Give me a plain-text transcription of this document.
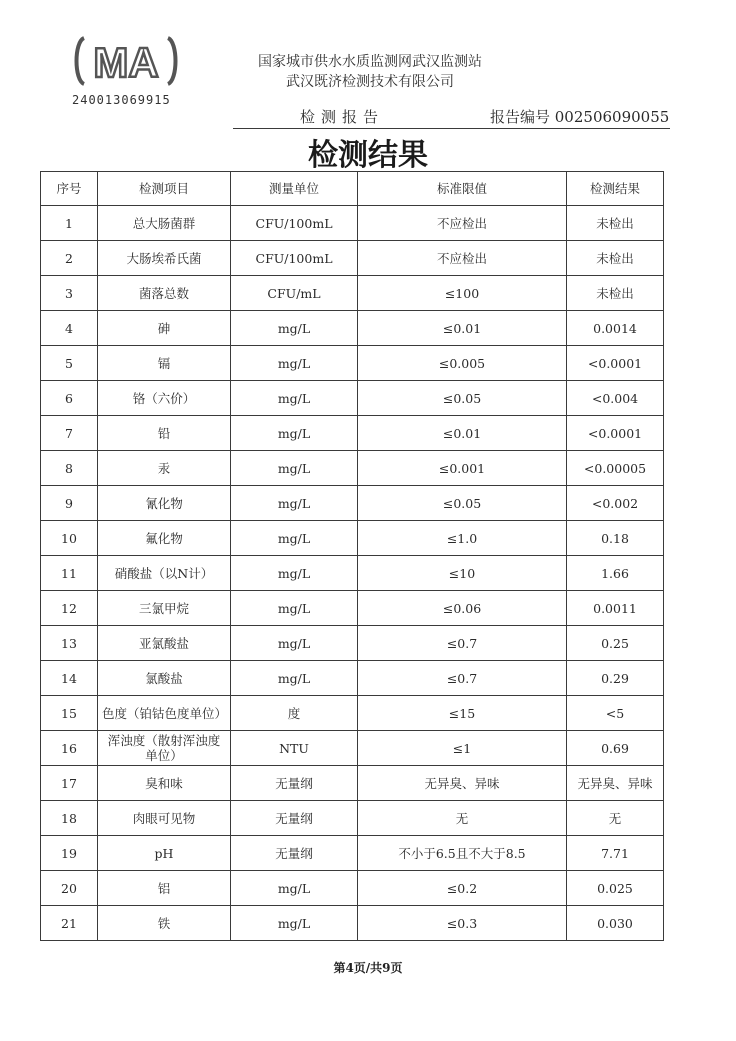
MA
240013069915
国家城市供水水质监测网武汉监测站
武汉既济检测技术有限公司
检测报告	报告编号 002506090055
检测结果
序号	检测项目	测量单位	标准限值	检测结果
1	总大肠菌群	CFU/100mL	不应检出	未检出
2	大肠埃希氏菌	CFU/100mL	不应检出	未检出
3	菌落总数	CFU/mL	≤100	未检出
4	砷	mg/L	≤0.01	0.0014
5	镉	mg/L	≤0.005	<0.0001
6	铬（六价）	mg/L	≤0.05	<0.004
7	铅	mg/L	≤0.01	<0.0001
8	汞	mg/L	≤0.001	<0.00005
9	氰化物	mg/L	≤0.05	<0.002
10	氟化物	mg/L	≤1.0	0.18
11	硝酸盐（以N计）	mg/L	≤10	1.66
12	三氯甲烷	mg/L	≤0.06	0.0011
13	亚氯酸盐	mg/L	≤0.7	0.25
14	氯酸盐	mg/L	≤0.7	0.29
15	色度（铂钴色度单位）	度	≤15	<5
16	浑浊度（散射浑浊度单位）	NTU	≤1	0.69
17	臭和味	无量纲	无异臭、异味	无异臭、异味
18	肉眼可见物	无量纲	无	无
19	pH	无量纲	不小于6.5且不大于8.5	7.71
20	铝	mg/L	≤0.2	0.025
21	铁	mg/L	≤0.3	0.030
第4页/共9页
